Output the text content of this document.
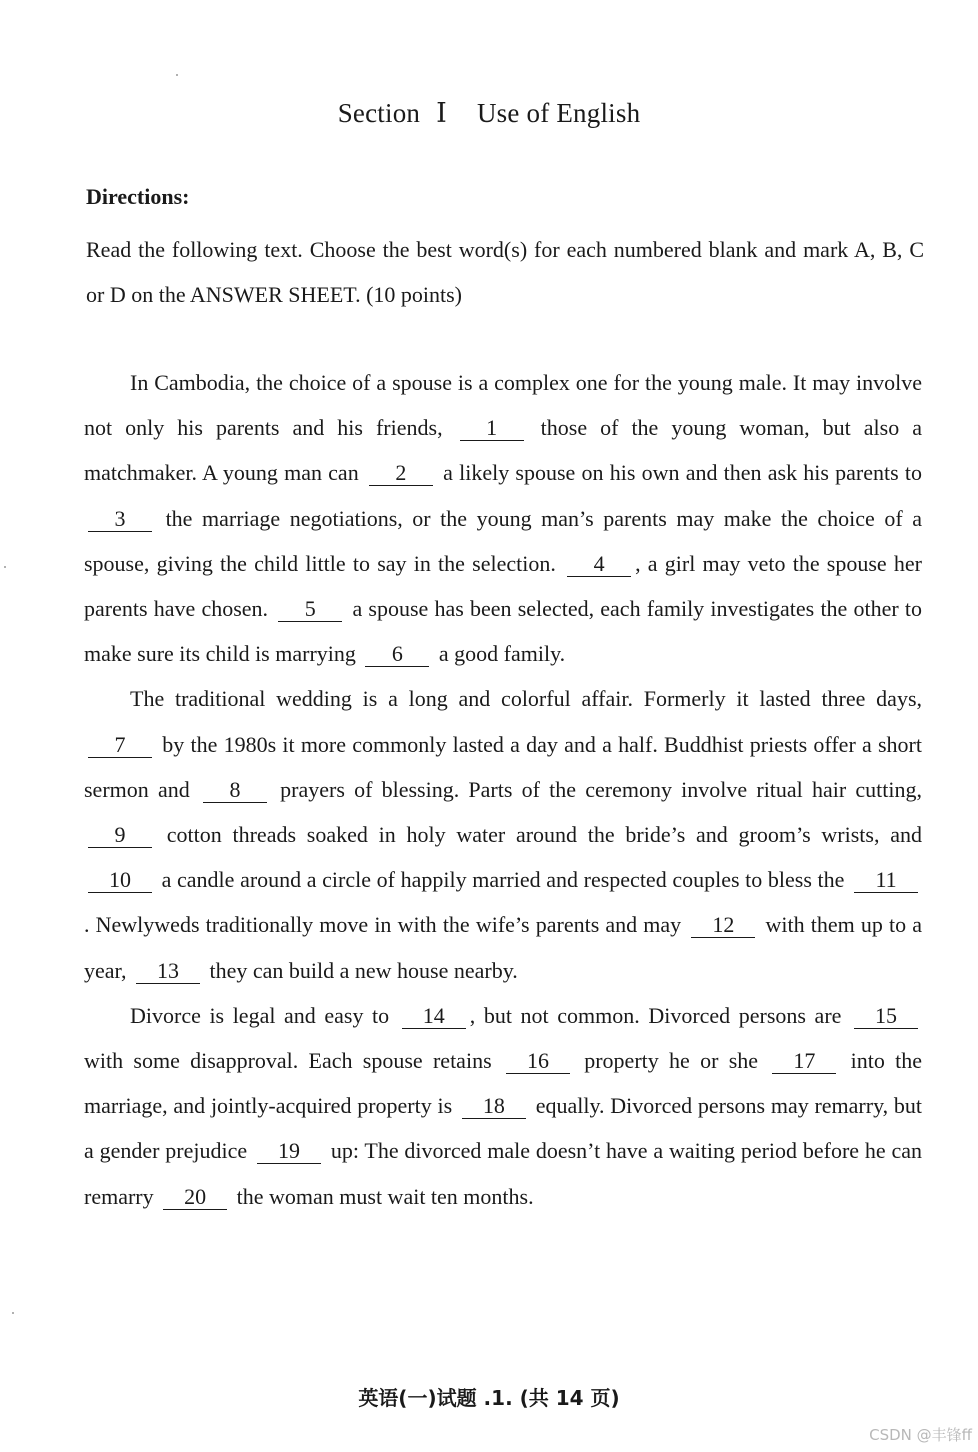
Section Ⅰ Use of English
Directions:
Read the following text. Choose the best word(s) for each numbered blank and mark A, B, C or D on the ANSWER SHEET. (10 points)

In Cambodia, the choice of a spouse is a complex one for the young male. It may involve not only his parents and his friends, 1 those of the young woman, but also a matchmaker. A young man can 2 a likely spouse on his own and then ask his parents to 3 the marriage negotiations, or the young man’s parents may make the choice of a spouse, giving the child little to say in the selection. 4 , a girl may veto the spouse her parents have chosen. 5 a spouse has been selected, each family investigates the other to make sure its child is marrying 6 a good family.

The traditional wedding is a long and colorful affair. Formerly it lasted three days, 7 by the 1980s it more commonly lasted a day and a half. Buddhist priests offer a short sermon and 8 prayers of blessing. Parts of the ceremony involve ritual hair cutting, 9 cotton threads soaked in holy water around the bride’s and groom’s wrists, and 10 a candle around a circle of happily married and respected couples to bless the 11. Newlyweds traditionally move in with the wife’s parents and may 12 with them up to a year, 13 they can build a new house nearby.

Divorce is legal and easy to 14 , but not common. Divorced persons are 15 with some disapproval. Each spouse retains 16 property he or she 17 into the marriage, and jointly-acquired property is 18 equally. Divorced persons may remarry, but a gender prejudice 19 up: The divorced male doesn’t have a waiting period before he can remarry 20 the woman must wait ten months.

英语(一)试题 .1. (共 14 页)
CSDN @丰锋ff
